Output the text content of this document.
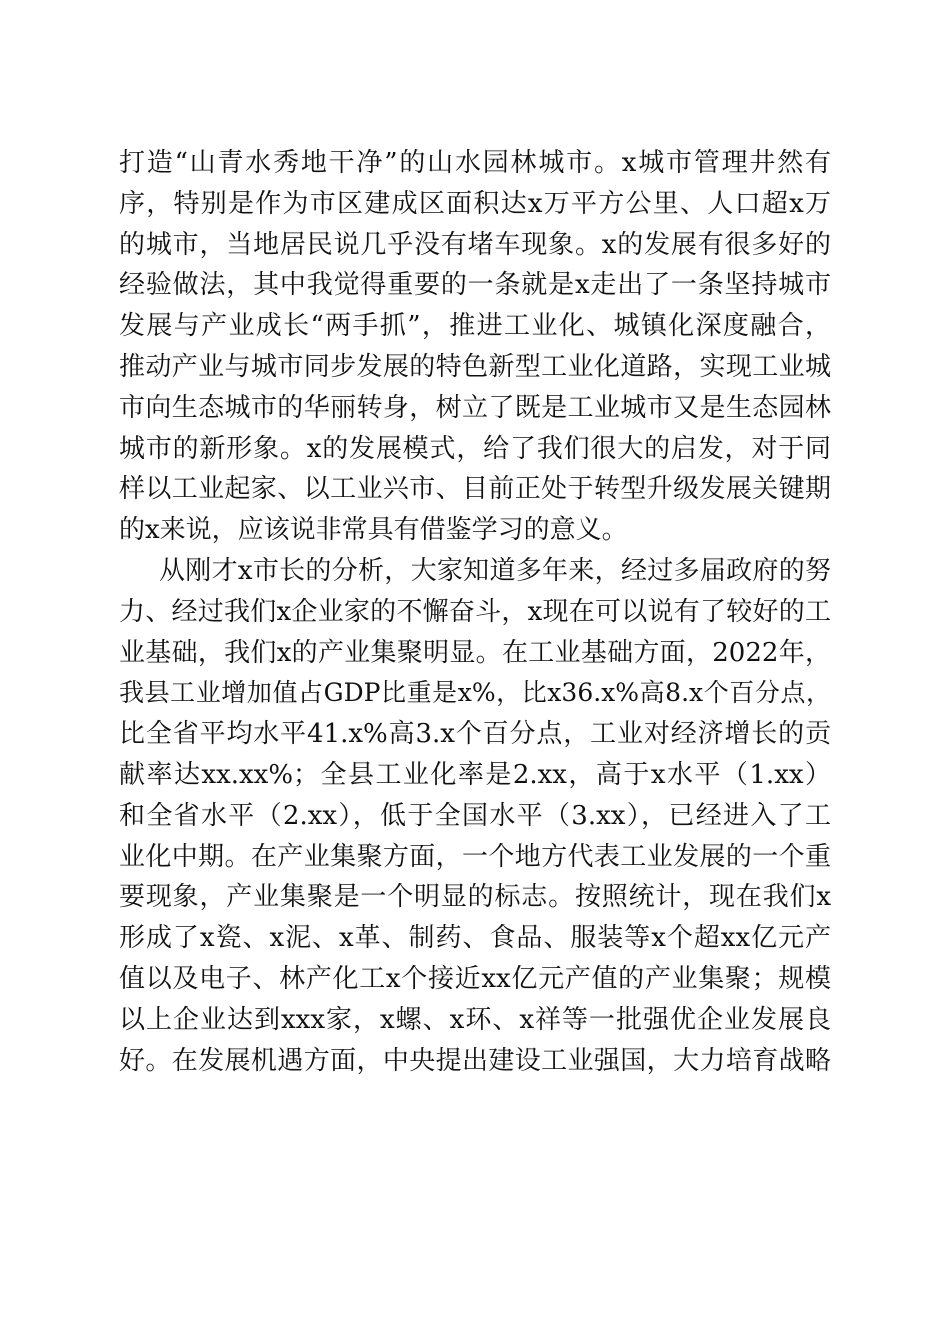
打造“山青水秀地干净”的山水园林城市。x城市管理井然有
序，特别是作为市区建成区面积达x万平方公里、人口超x万
的城市，当地居民说几乎没有堵车现象。x的发展有很多好的
经验做法，其中我觉得重要的一条就是x走出了一条坚持城市
发展与产业成长“两手抓”，推进工业化、城镇化深度融合，
推动产业与城市同步发展的特色新型工业化道路，实现工业城
市向生态城市的华丽转身，树立了既是工业城市又是生态园林
城市的新形象。x的发展模式，给了我们很大的启发，对于同
样以工业起家、以工业兴市、目前正处于转型升级发展关键期
的x来说，应该说非常具有借鉴学习的意义。
从刚才x市长的分析，大家知道多年来，经过多届政府的努
力、经过我们x企业家的不懈奋斗，x现在可以说有了较好的工
业基础，我们x的产业集聚明显。在工业基础方面，2022年，
我县工业增加值占GDP比重是x%，比x36.x%高8.x个百分点，
比全省平均水平41.x%高3.x个百分点，工业对经济增长的贡
献率达xx.xx%；全县工业化率是2.xx，高于x水平（1.xx）
和全省水平（2.xx），低于全国水平（3.xx），已经进入了工
业化中期。在产业集聚方面，一个地方代表工业发展的一个重
要现象，产业集聚是一个明显的标志。按照统计，现在我们x
形成了x瓷、x泥、x革、制药、食品、服装等x个超xx亿元产
值以及电子、林产化工x个接近xx亿元产值的产业集聚；规模
以上企业达到xxx家，x螺、x环、x祥等一批强优企业发展良
好。在发展机遇方面，中央提出建设工业强国，大力培育战略
